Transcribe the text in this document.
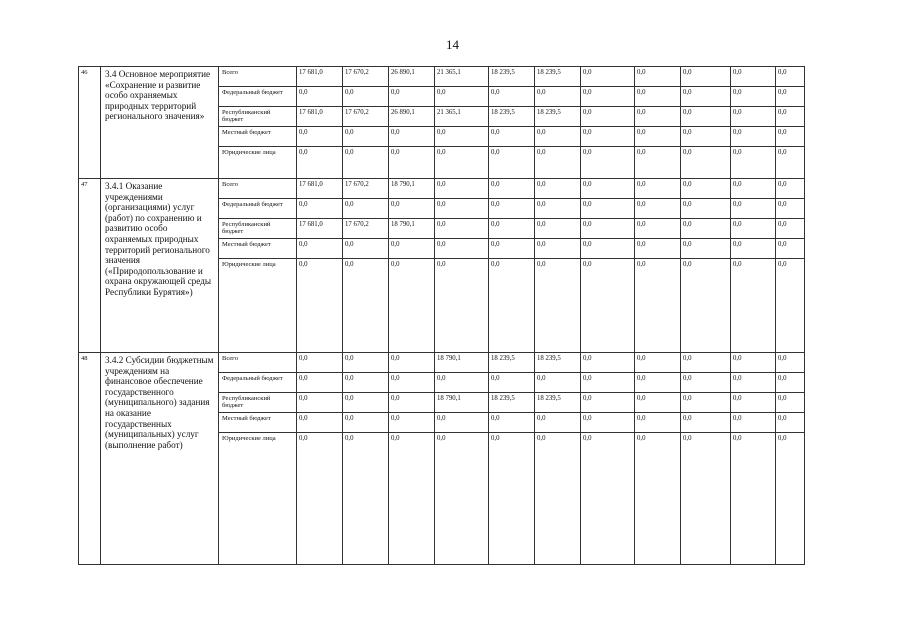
14
46	3.4 Основное мероприятие «Сохранение и развитие особо охраняемых природных территорий регионального значения»	Всего	17 681,0	17 670,2	26 890,1	21 365,1	18 239,5	18 239,5	0,0	0,0	0,0	0,0	0,0
		Федеральный бюджет	0,0	0,0	0,0	0,0	0,0	0,0	0,0	0,0	0,0	0,0	0,0
		Республиканский бюджет	17 681,0	17 670,2	26 890,1	21 365,1	18 239,5	18 239,5	0,0	0,0	0,0	0,0	0,0
		Местный бюджет	0,0	0,0	0,0	0,0	0,0	0,0	0,0	0,0	0,0	0,0	0,0
		Юридические лица	0,0	0,0	0,0	0,0	0,0	0,0	0,0	0,0	0,0	0,0	0,0
47	3.4.1 Оказание учреждениями (организациями) услуг (работ) по сохранению и развитию особо охраняемых природных территорий регионального значения («Природопользование и охрана окружающей среды Республики Бурятия»)	Всего	17 681,0	17 670,2	18 790,1	0,0	0,0	0,0	0,0	0,0	0,0	0,0	0,0
		Федеральный бюджет	0,0	0,0	0,0	0,0	0,0	0,0	0,0	0,0	0,0	0,0	0,0
		Республиканский бюджет	17 681,0	17 670,2	18 790,1	0,0	0,0	0,0	0,0	0,0	0,0	0,0	0,0
		Местный бюджет	0,0	0,0	0,0	0,0	0,0	0,0	0,0	0,0	0,0	0,0	0,0
		Юридические лица	0,0	0,0	0,0	0,0	0,0	0,0	0,0	0,0	0,0	0,0	0,0
48	3.4.2 Субсидии бюджетным учреждениям на финансовое обеспечение государственного (муниципального) задания на оказание государственных (муниципальных) услуг (выполнение работ)	Всего	0,0	0,0	0,0	18 790,1	18 239,5	18 239,5	0,0	0,0	0,0	0,0	0,0
		Федеральный бюджет	0,0	0,0	0,0	0,0	0,0	0,0	0,0	0,0	0,0	0,0	0,0
		Республиканский бюджет	0,0	0,0	0,0	18 790,1	18 239,5	18 239,5	0,0	0,0	0,0	0,0	0,0
		Местный бюджет	0,0	0,0	0,0	0,0	0,0	0,0	0,0	0,0	0,0	0,0	0,0
		Юридические лица	0,0	0,0	0,0	0,0	0,0	0,0	0,0	0,0	0,0	0,0	0,0
